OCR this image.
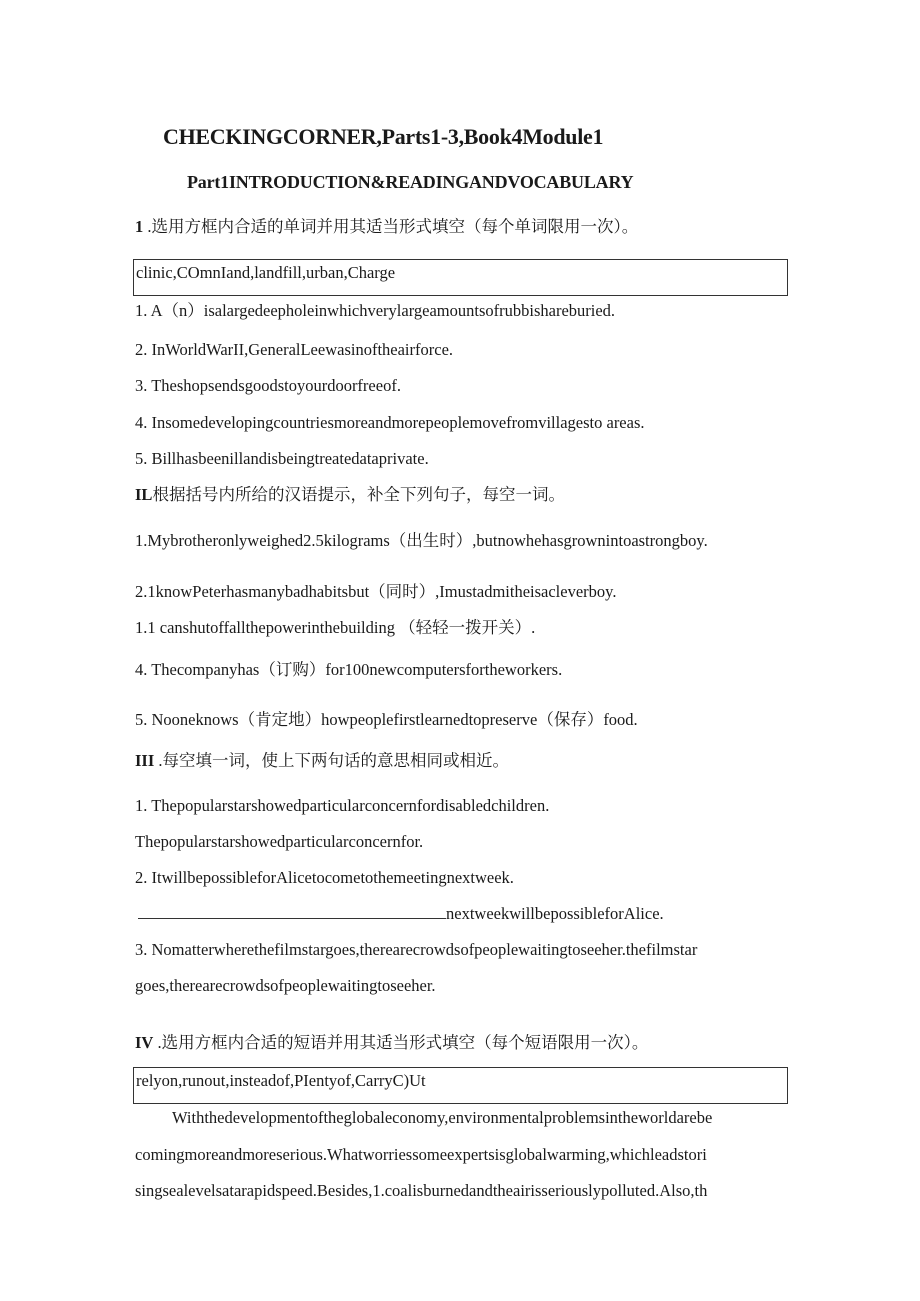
CHECKINGCORNER,Parts1-3,Book4Module1
Part1INTRODUCTION&READINGANDVOCABULARY
1 .选用方框内合适的单词并用其适当形式填空（每个单词限用一次）。
clinic,COmnIand,landfill,urban,Charge
1. A（n）isalargedeepholeinwhichverylargeamountsofrubbishareburied.
2. InWorldWarII,GeneralLeewasinoftheairforce.
3. Theshopsendsgoodstoyourdoorfreeof.
4. Insomedevelopingcountriesmoreandmorepeoplemovefromvillagesto areas.
5. Billhasbeenillandisbeingtreatedataprivate.
IL根据括号内所给的汉语提示，补全下列句子，每空一词。
1.Mybrotheronlyweighed2.5kilograms（出生时）,butnowhehasgrownintoastrongboy.
2.1knowPeterhasmanybadhabitsbut（同时）,Imustadmitheisacleverboy.
1.1 canshutoffallthepowerinthebuilding （轻轻一拨开关）.
4. Thecompanyhas（订购）for100newcomputersfortheworkers.
5. Nooneknows（肯定地）howpeoplefirstlearnedtopreserve（保存）food.
III .每空填一词，使上下两句话的意思相同或相近。
1. Thepopularstarshowedparticularconcernfordisabledchildren.
Thepopularstarshowedparticularconcernfor.
2. ItwillbepossibleforAlicetocometothemeetingnextweek.
nextweekwillbepossibleforAlice.
3. Nomatterwherethefilmstargoes,therearecrowdsofpeoplewaitingtoseeher.thefilmstar
goes,therearecrowdsofpeoplewaitingtoseeher.
IV .选用方框内合适的短语并用其适当形式填空（每个短语限用一次）。
relyon,runout,insteadof,PIentyof,CarryC)Ut
Withthedevelopmentoftheglobaleconomy,environmentalproblemsintheworldarebe
comingmoreandmoreserious.Whatworriessomeexpertsisglobalwarming,whichleadstori
singsealevelsatarapidspeed.Besides,1.coalisburnedandtheairisseriouslypolluted.Also,th
